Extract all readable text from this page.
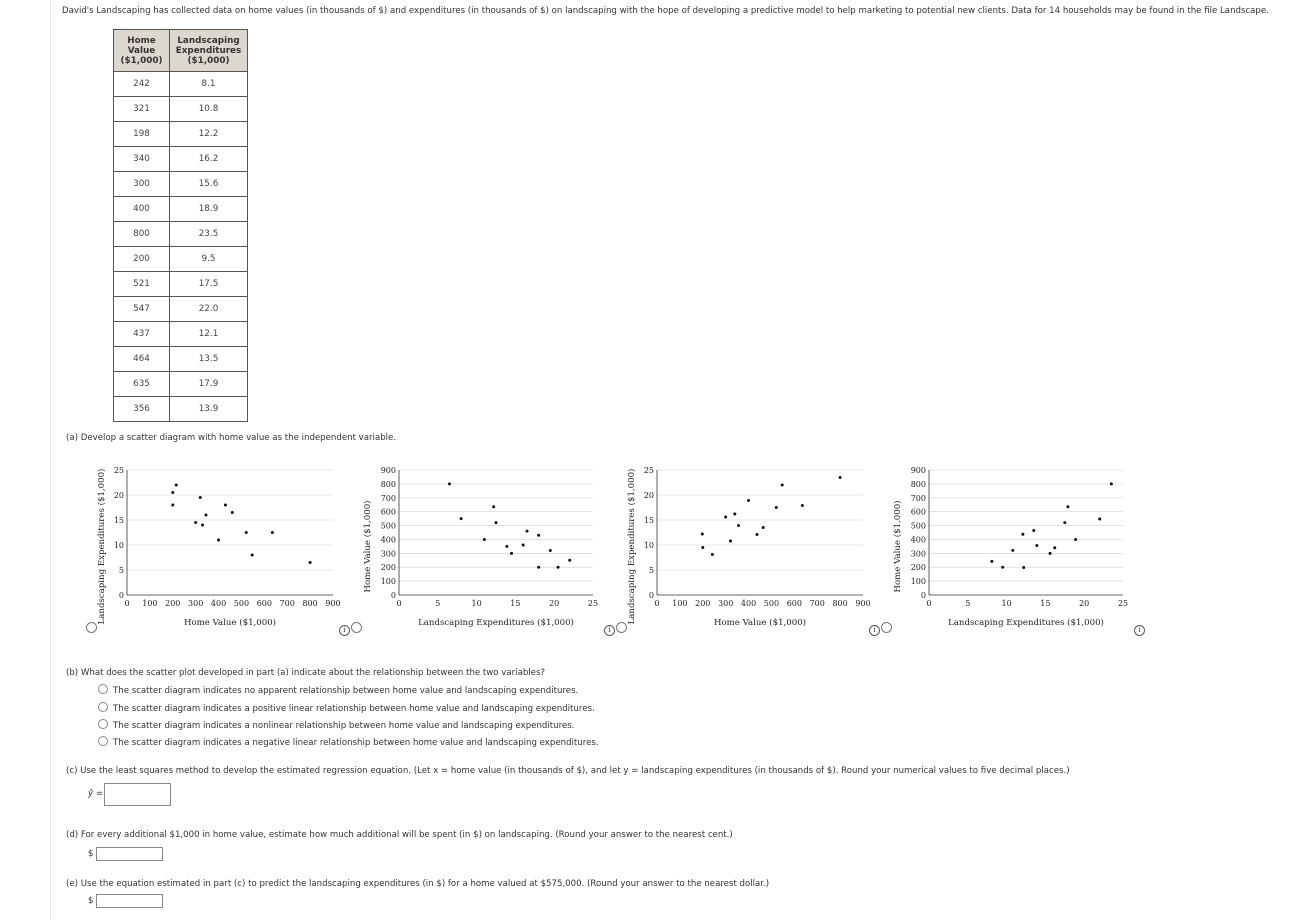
David's Landscaping has collected data on home values (in thousands of $) and expenditures (in thousands of $) on landscaping with the hope of developing a predictive model to help marketing to potential new clients. Data for 14 households may be found in the file Landscape.
Home
Value
($1,000)	Landscaping
Expenditures
($1,000)
242	8.1
321	10.8
198	12.2
340	16.2
300	15.6
400	18.9
800	23.5
200	9.5
521	17.5
547	22.0
437	12.1
464	13.5
635	17.9
356	13.9
(a) Develop a scatter diagram with home value as the independent variable.
0
5
10
15
20
25
0 100 200 300 400 500 600 700 800 900
Home Value ($1,000)
Landscaping Expenditures ($1,000)	0
100
200
300
400
500
600
700
800
900
0	5	10	15	20	25
Landscaping Expenditures ($1,000)
Home Value ($1,000)
0
5
10
15
20
25
0 100 200 300 400 500 600 700 800 900
Home Value ($1,000)
Landscaping Expenditures ($1,000)	0
100
200
300
400
500
600
700
800
900
0	5	10	15	20	25
Landscaping Expenditures ($1,000)
Home Value ($1,000)
i	i	i	i
(b) What does the scatter plot developed in part (a) indicate about the relationship between the two variables?
The scatter diagram indicates no apparent relationship between home value and landscaping expenditures.
The scatter diagram indicates a positive linear relationship between home value and landscaping expenditures.
The scatter diagram indicates a nonlinear relationship between home value and landscaping expenditures.
The scatter diagram indicates a negative linear relationship between home value and landscaping expenditures.
(c) Use the least squares method to develop the estimated regression equation. (Let x = home value (in thousands of $), and let y = landscaping expenditures (in thousands of $). Round your numerical values to five decimal places.)
ŷ =
(d) For every additional $1,000 in home value, estimate how much additional will be spent (in $) on landscaping. (Round your answer to the nearest cent.)
$
(e) Use the equation estimated in part (c) to predict the landscaping expenditures (in $) for a home valued at $575,000. (Round your answer to the nearest dollar.)
$
